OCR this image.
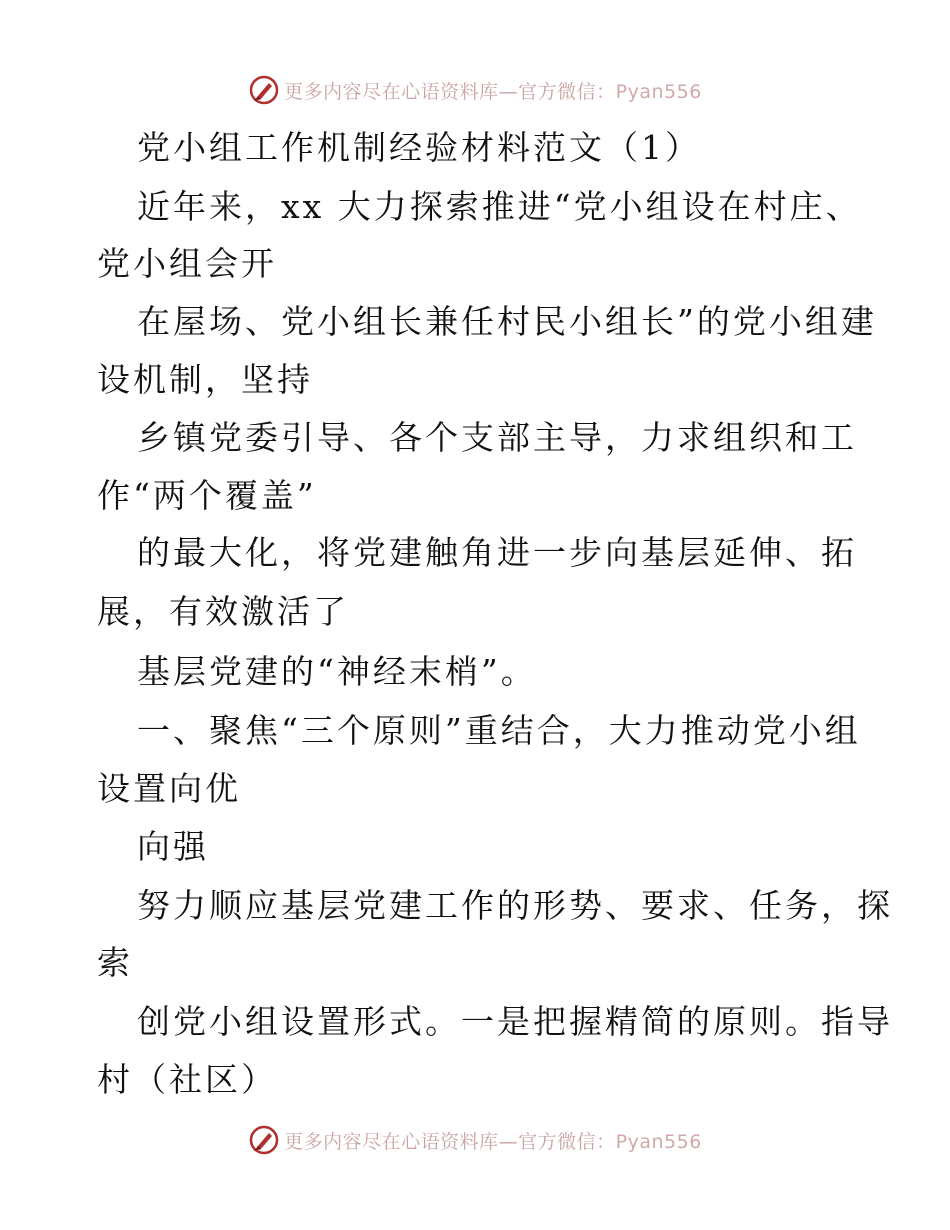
更多内容尽在心语资料库—官方微信：Pyan556
党小组工作机制经验材料范文（1）
近年来，xx 大力探索推进“党小组设在村庄、
党小组会开
在屋场、党小组长兼任村民小组长”的党小组建
设机制，坚持
乡镇党委引导、各个支部主导，力求组织和工
作“两个覆盖”
的最大化，将党建触角进一步向基层延伸、拓
展，有效激活了
基层党建的“神经末梢”。
一、聚焦“三个原则”重结合，大力推动党小组
设置向优
向强
努力顺应基层党建工作的形势、要求、任务，探
索
创党小组设置形式。一是把握精简的原则。指导
村（社区）
更多内容尽在心语资料库—官方微信：Pyan556
